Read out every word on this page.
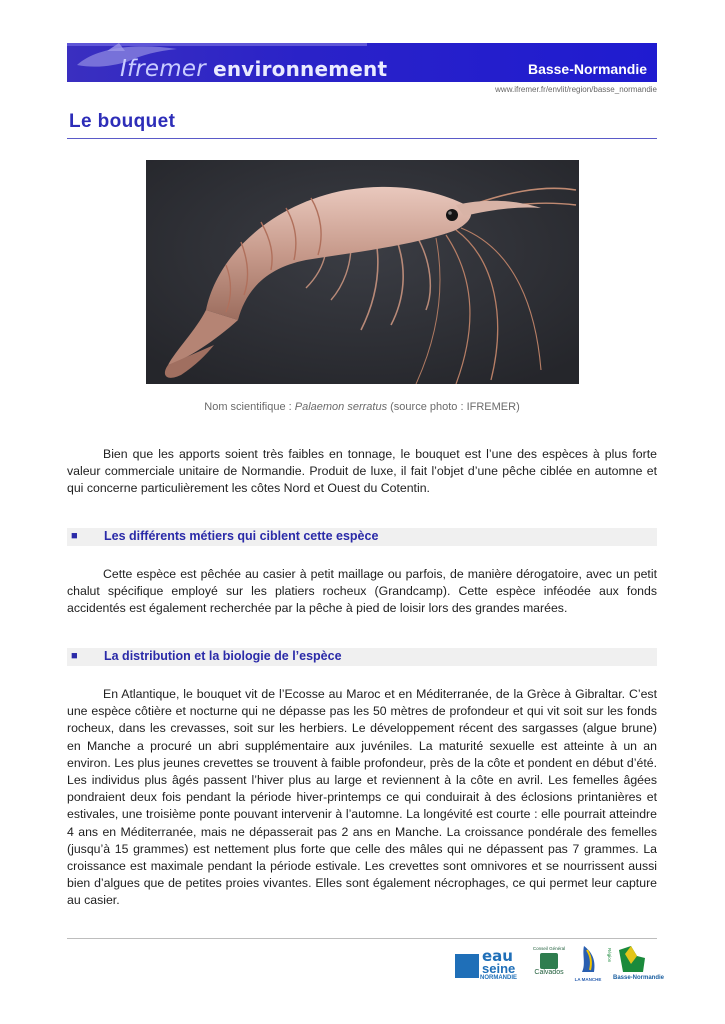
Ifremer environnement	Basse-Normandie
www.ifremer.fr/envlit/region/basse_normandie
Le bouquet
Nom scientifique : Palaemon serratus (source photo : IFREMER)
Bien que les apports soient très faibles en tonnage, le bouquet est l’une des espèces à plus forte valeur commerciale unitaire de Normandie. Produit de luxe, il fait l’objet d’une pêche ciblée en automne et qui concerne particulièrement les côtes Nord et Ouest du Cotentin.
■ Les différents métiers qui ciblent cette espèce
Cette espèce est pêchée au casier à petit maillage ou parfois, de manière dérogatoire, avec un petit chalut spécifique employé sur les platiers rocheux (Grandcamp). Cette espèce inféodée aux fonds accidentés est également recherchée par la pêche à pied de loisir lors des grandes marées.
■ La distribution et la biologie de l’espèce
En Atlantique, le bouquet vit de l’Ecosse au Maroc et en Méditerranée, de la Grèce à Gibraltar. C’est une espèce côtière et nocturne qui ne dépasse pas les 50 mètres de profondeur et qui vit soit sur les fonds rocheux, dans les crevasses, soit sur les herbiers. Le développement récent des sargasses (algue brune) en Manche a procuré un abri supplémentaire aux juvéniles. La maturité sexuelle est atteinte à un an environ. Les plus jeunes crevettes se trouvent à faible profondeur, près de la côte et pondent en début d’été. Les individus plus âgés passent l’hiver plus au large et reviennent à la côte en avril. Les femelles âgées pondraient deux fois pendant la période hiver-printemps ce qui conduirait à des éclosions printanières et estivales, une troisième ponte pouvant intervenir à l’automne. La longévité est courte : elle pourrait atteindre 4 ans en Méditerranée, mais ne dépasserait pas 2 ans en Manche. La croissance pondérale des femelles (jusqu’à 15 grammes) est nettement plus forte que celle des mâles qui ne dépassent pas 7 grammes. La croissance est maximale pendant la période estivale. Les crevettes sont omnivores et se nourrissent aussi bien d’algues que de petites proies vivantes. Elles sont également nécrophages, ce qui permet leur capture au casier.
eau
seine
NORMANDIE
Conseil Général
Calvados
LA MANCHE
Région
Basse-Normandie
